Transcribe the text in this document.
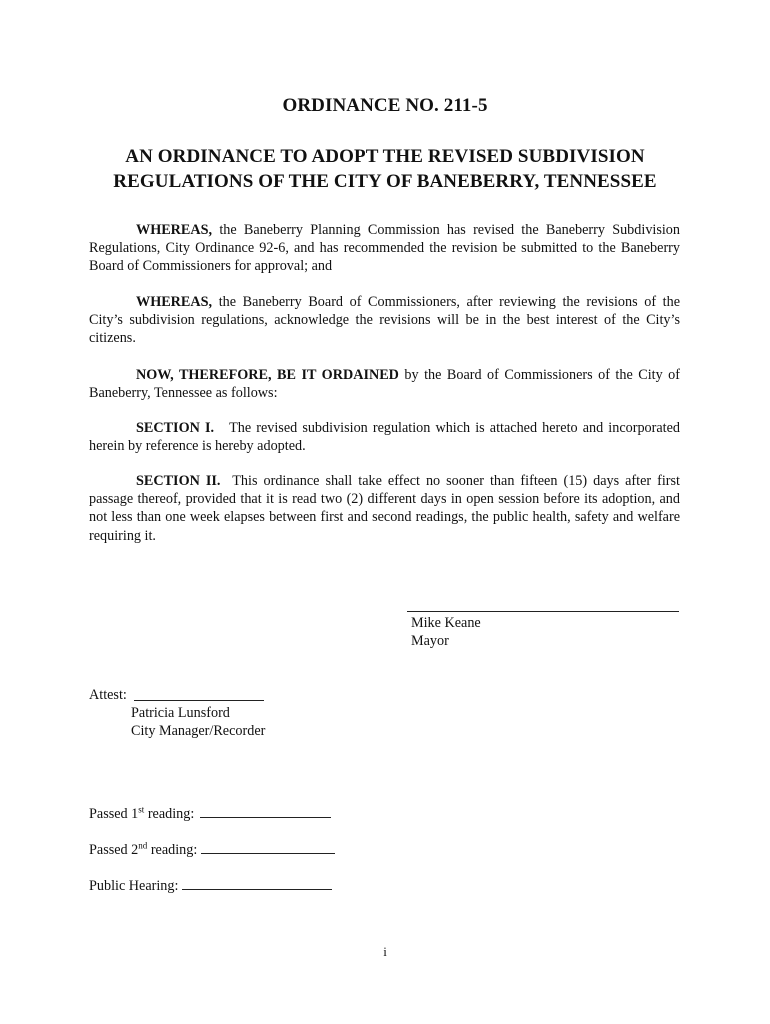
ORDINANCE NO. 211-5
AN ORDINANCE TO ADOPT THE REVISED SUBDIVISION
REGULATIONS OF THE CITY OF BANEBERRY, TENNESSEE

WHEREAS, the Baneberry Planning Commission has revised the Baneberry Subdivision Regulations, City Ordinance 92-6, and has recommended the revision be submitted to the Baneberry Board of Commissioners for approval; and

WHEREAS, the Baneberry Board of Commissioners, after reviewing the revisions of the City’s subdivision regulations, acknowledge the revisions will be in the best interest of the City’s citizens.

NOW, THEREFORE, BE IT ORDAINED by the Board of Commissioners of the City of Baneberry, Tennessee as follows:

SECTION I.   The revised subdivision regulation which is attached hereto and incorporated herein by reference is hereby adopted.

SECTION II.  This ordinance shall take effect no sooner than fifteen (15) days after first passage thereof, provided that it is read two (2) different days in open session before its adoption, and not less than one week elapses between first and second readings, the public health, safety and welfare requiring it.

Mike Keane
Mayor
Attest:
Patricia Lunsford
City Manager/Recorder
Passed 1st reading:
Passed 2nd reading:
Public Hearing:
i
